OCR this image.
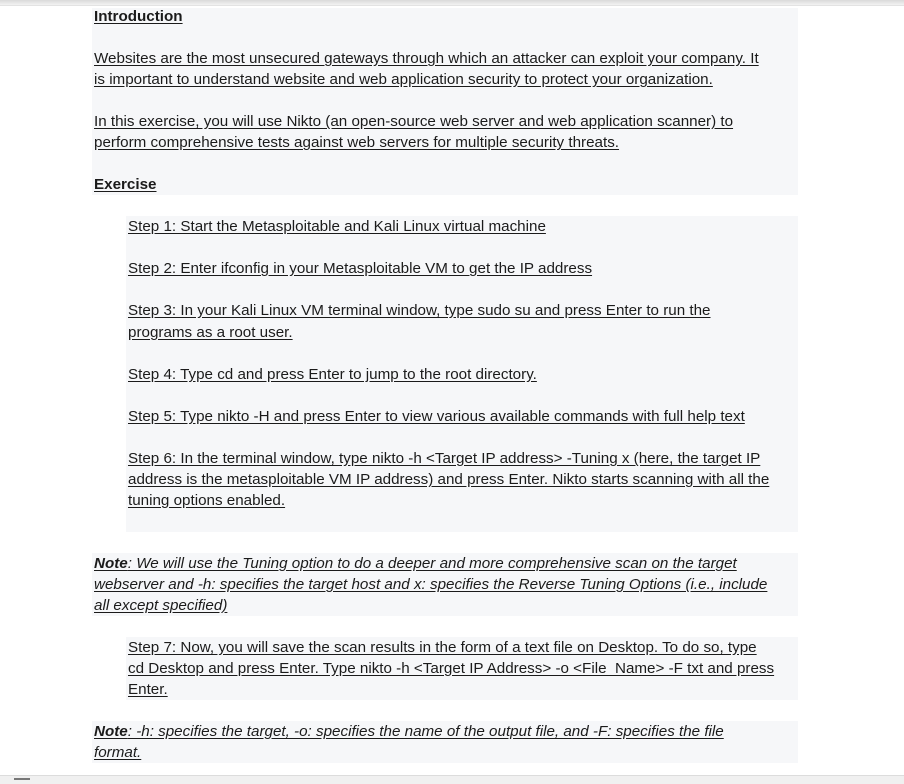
Introduction
Websites are the most unsecured gateways through which an attacker can exploit your company. It
is important to understand website and web application security to protect your organization.
In this exercise, you will use Nikto (an open-source web server and web application scanner) to
perform comprehensive tests against web servers for multiple security threats.
Exercise
Step 1: Start the Metasploitable and Kali Linux virtual machine
Step 2: Enter ifconfig in your Metasploitable VM to get the IP address
Step 3: In your Kali Linux VM terminal window, type sudo su and press Enter to run the
programs as a root user.
Step 4: Type cd and press Enter to jump to the root directory.
Step 5: Type nikto -H and press Enter to view various available commands with full help text
Step 6: In the terminal window, type nikto -h <Target IP address> -Tuning x (here, the target IP
address is the metasploitable VM IP address) and press Enter. Nikto starts scanning with all the
tuning options enabled.
Note: We will use the Tuning option to do a deeper and more comprehensive scan on the target
webserver and -h: specifies the target host and x: specifies the Reverse Tuning Options (i.e., include
all except specified)
Step 7: Now, you will save the scan results in the form of a text file on Desktop. To do so, type
cd Desktop and press Enter. Type nikto -h <Target IP Address> -o <File_Name> -F txt and press
Enter.
Note: -h: specifies the target, -o: specifies the name of the output file, and -F: specifies the file
format.
